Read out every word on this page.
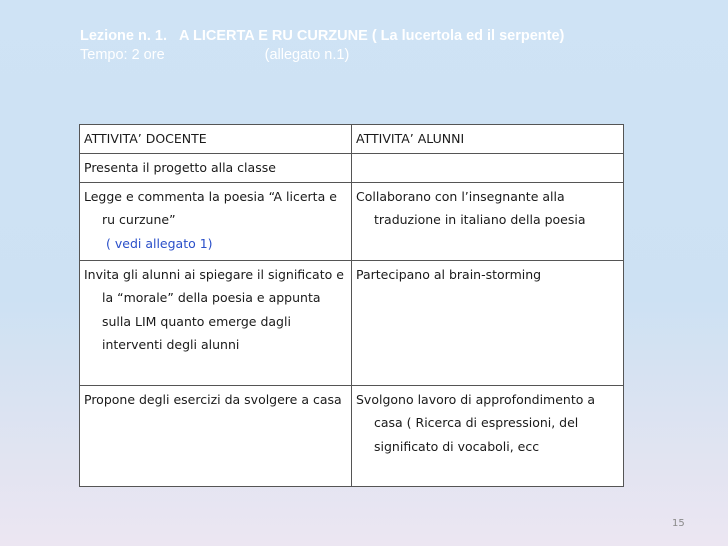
Lezione n. 1. A LICERTA E RU CURZUNE ( La lucertola ed il serpente)
Tempo: 2 ore	(allegato n.1)
ATTIVITA’ DOCENTE	ATTIVITA’ ALUNNI

Presenta il progetto alla classe	

Legge e commenta la poesia “A licerta e ru curzune”
( vedi allegato 1)	Collaborano con l’insegnante alla traduzione in italiano della poesia

Invita gli alunni ai spiegare il significato e la “morale” della poesia e appunta sulla LIM quanto emerge dagli interventi degli alunni	Partecipano al brain-storming

Propone degli esercizi da svolgere a casa	Svolgono lavoro di approfondimento a casa ( Ricerca di espressioni, del significato di vocaboli, ecc
15
